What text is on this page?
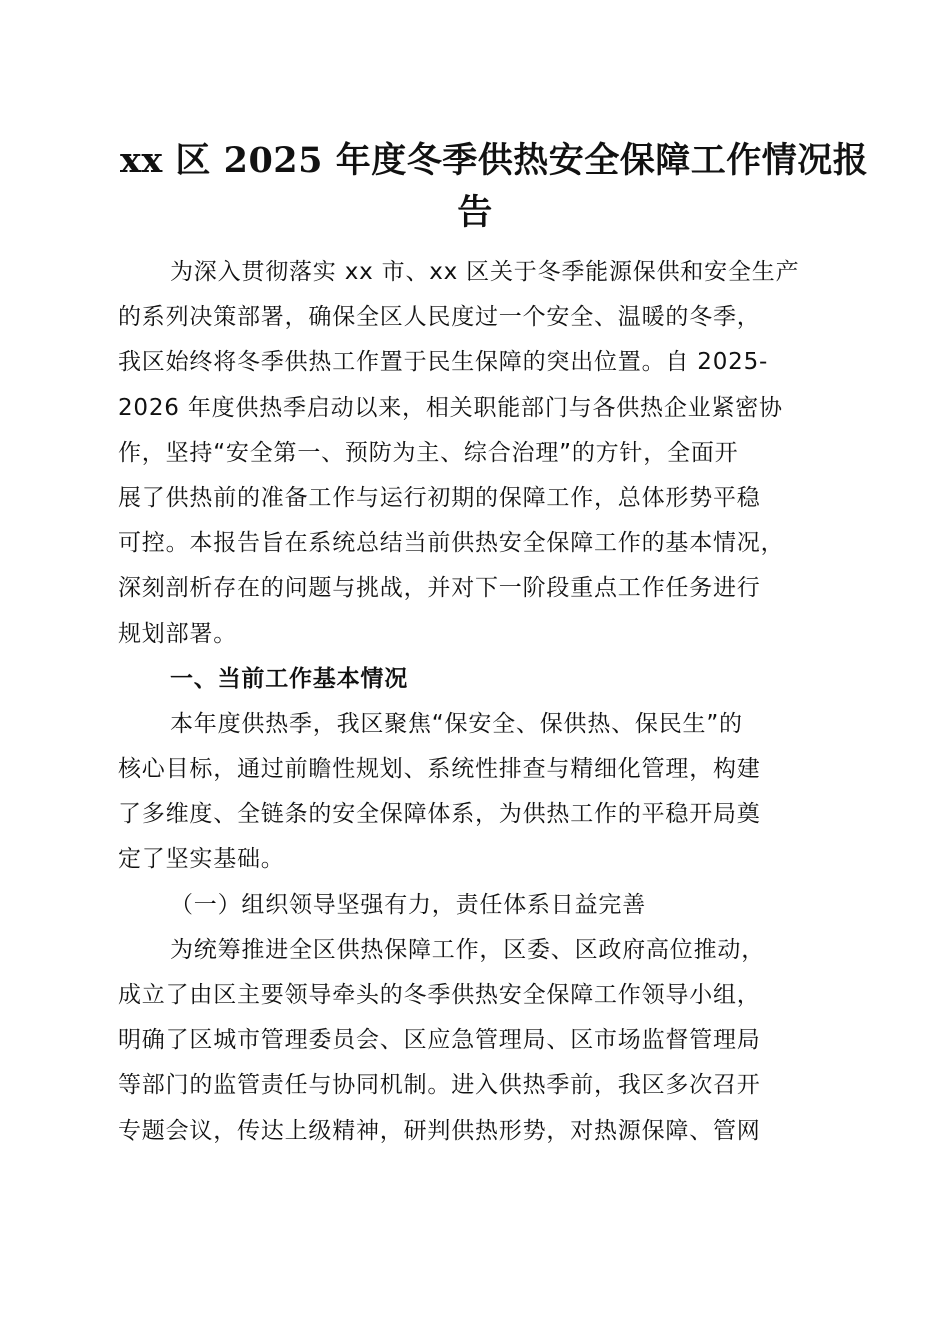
xx 区 2025 年度冬季供热安全保障工作情况报
告
为深入贯彻落实 xx 市、xx 区关于冬季能源保供和安全生产
的系列决策部署，确保全区人民度过一个安全、温暖的冬季，
我区始终将冬季供热工作置于民生保障的突出位置。自 2025-
2026 年度供热季启动以来，相关职能部门与各供热企业紧密协
作，坚持“安全第一、预防为主、综合治理”的方针，全面开
展了供热前的准备工作与运行初期的保障工作，总体形势平稳
可控。本报告旨在系统总结当前供热安全保障工作的基本情况，
深刻剖析存在的问题与挑战，并对下一阶段重点工作任务进行
规划部署。
一、当前工作基本情况
本年度供热季，我区聚焦“保安全、保供热、保民生”的
核心目标，通过前瞻性规划、系统性排查与精细化管理，构建
了多维度、全链条的安全保障体系，为供热工作的平稳开局奠
定了坚实基础。
（一）组织领导坚强有力，责任体系日益完善
为统筹推进全区供热保障工作，区委、区政府高位推动，
成立了由区主要领导牵头的冬季供热安全保障工作领导小组，
明确了区城市管理委员会、区应急管理局、区市场监督管理局
等部门的监管责任与协同机制。进入供热季前，我区多次召开
专题会议，传达上级精神，研判供热形势，对热源保障、管网
